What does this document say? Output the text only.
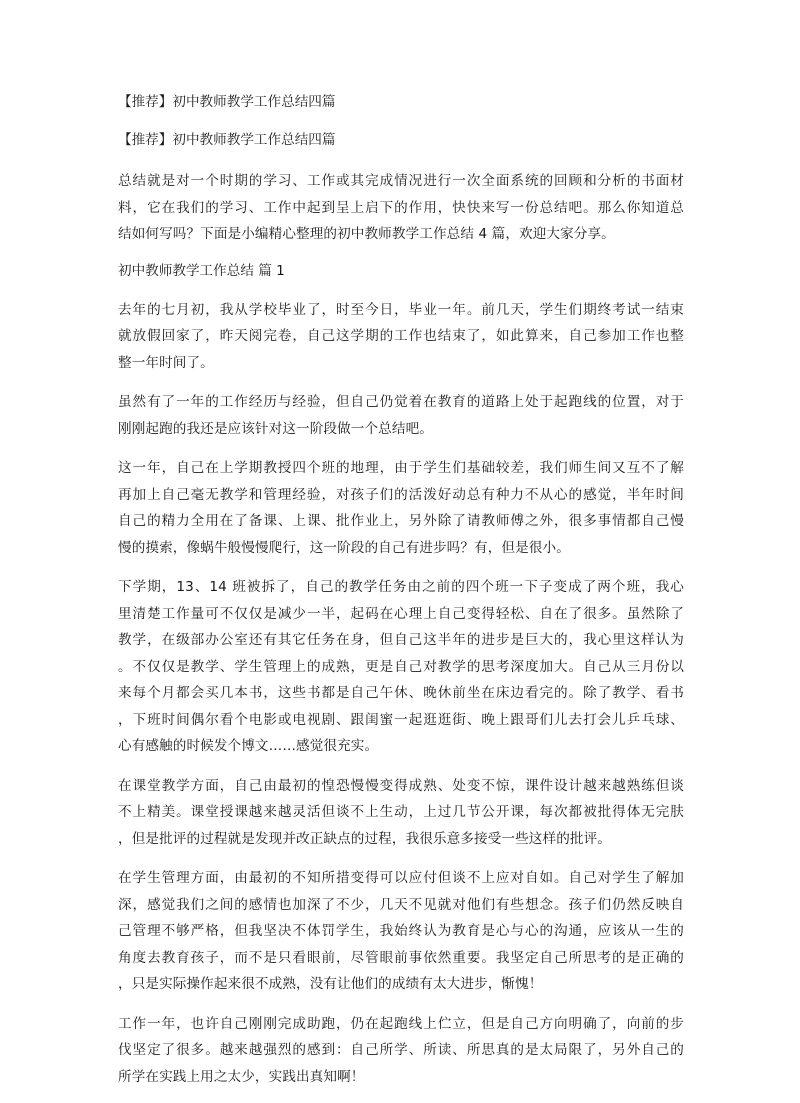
【推荐】初中教师教学工作总结四篇

【推荐】初中教师教学工作总结四篇

总结就是对一个时期的学习、工作或其完成情况进行一次全面系统的回顾和分析的书面材

料，它在我们的学习、工作中起到呈上启下的作用，快快来写一份总结吧。那么你知道总

结如何写吗？下面是小编精心整理的初中教师教学工作总结 4 篇，欢迎大家分享。

初中教师教学工作总结 篇 1

去年的七月初，我从学校毕业了，时至今日，毕业一年。前几天，学生们期终考试一结束

就放假回家了，昨天阅完卷，自己这学期的工作也结束了，如此算来，自己参加工作也整

整一年时间了。

虽然有了一年的工作经历与经验，但自己仍觉着在教育的道路上处于起跑线的位置，对于

刚刚起跑的我还是应该针对这一阶段做一个总结吧。

这一年，自己在上学期教授四个班的地理，由于学生们基础较差，我们师生间又互不了解

再加上自己毫无教学和管理经验，对孩子们的活泼好动总有种力不从心的感觉，半年时间

自己的精力全用在了备课、上课、批作业上，另外除了请教师傅之外，很多事情都自己慢

慢的摸索，像蜗牛般慢慢爬行，这一阶段的自己有进步吗？有，但是很小。

下学期，13、14 班被拆了，自己的教学任务由之前的四个班一下子变成了两个班，我心

里清楚工作量可不仅仅是减少一半，起码在心理上自己变得轻松、自在了很多。虽然除了

教学，在级部办公室还有其它任务在身，但自己这半年的进步是巨大的，我心里这样认为

。不仅仅是教学、学生管理上的成熟，更是自己对教学的思考深度加大。自己从三月份以

来每个月都会买几本书，这些书都是自己午休、晚休前坐在床边看完的。除了教学、看书

，下班时间偶尔看个电影或电视剧、跟闺蜜一起逛逛街、晚上跟哥们儿去打会儿乒乓球、

心有感触的时候发个博文……感觉很充实。

在课堂教学方面，自己由最初的惶恐慢慢变得成熟、处变不惊，课件设计越来越熟练但谈

不上精美。课堂授课越来越灵活但谈不上生动，上过几节公开课，每次都被批得体无完肤

，但是批评的过程就是发现并改正缺点的过程，我很乐意多接受一些这样的批评。

在学生管理方面，由最初的不知所措变得可以应付但谈不上应对自如。自己对学生了解加

深，感觉我们之间的感情也加深了不少，几天不见就对他们有些想念。孩子们仍然反映自

己管理不够严格，但我坚决不体罚学生，我始终认为教育是心与心的沟通，应该从一生的

角度去教育孩子，而不是只看眼前，尽管眼前事依然重要。我坚定自己所思考的是正确的

，只是实际操作起来很不成熟，没有让他们的成绩有太大进步，惭愧！

工作一年，也许自己刚刚完成助跑，仍在起跑线上伫立，但是自己方向明确了，向前的步

伐坚定了很多。越来越强烈的感到：自己所学、所读、所思真的是太局限了，另外自己的

所学在实践上用之太少，实践出真知啊！
